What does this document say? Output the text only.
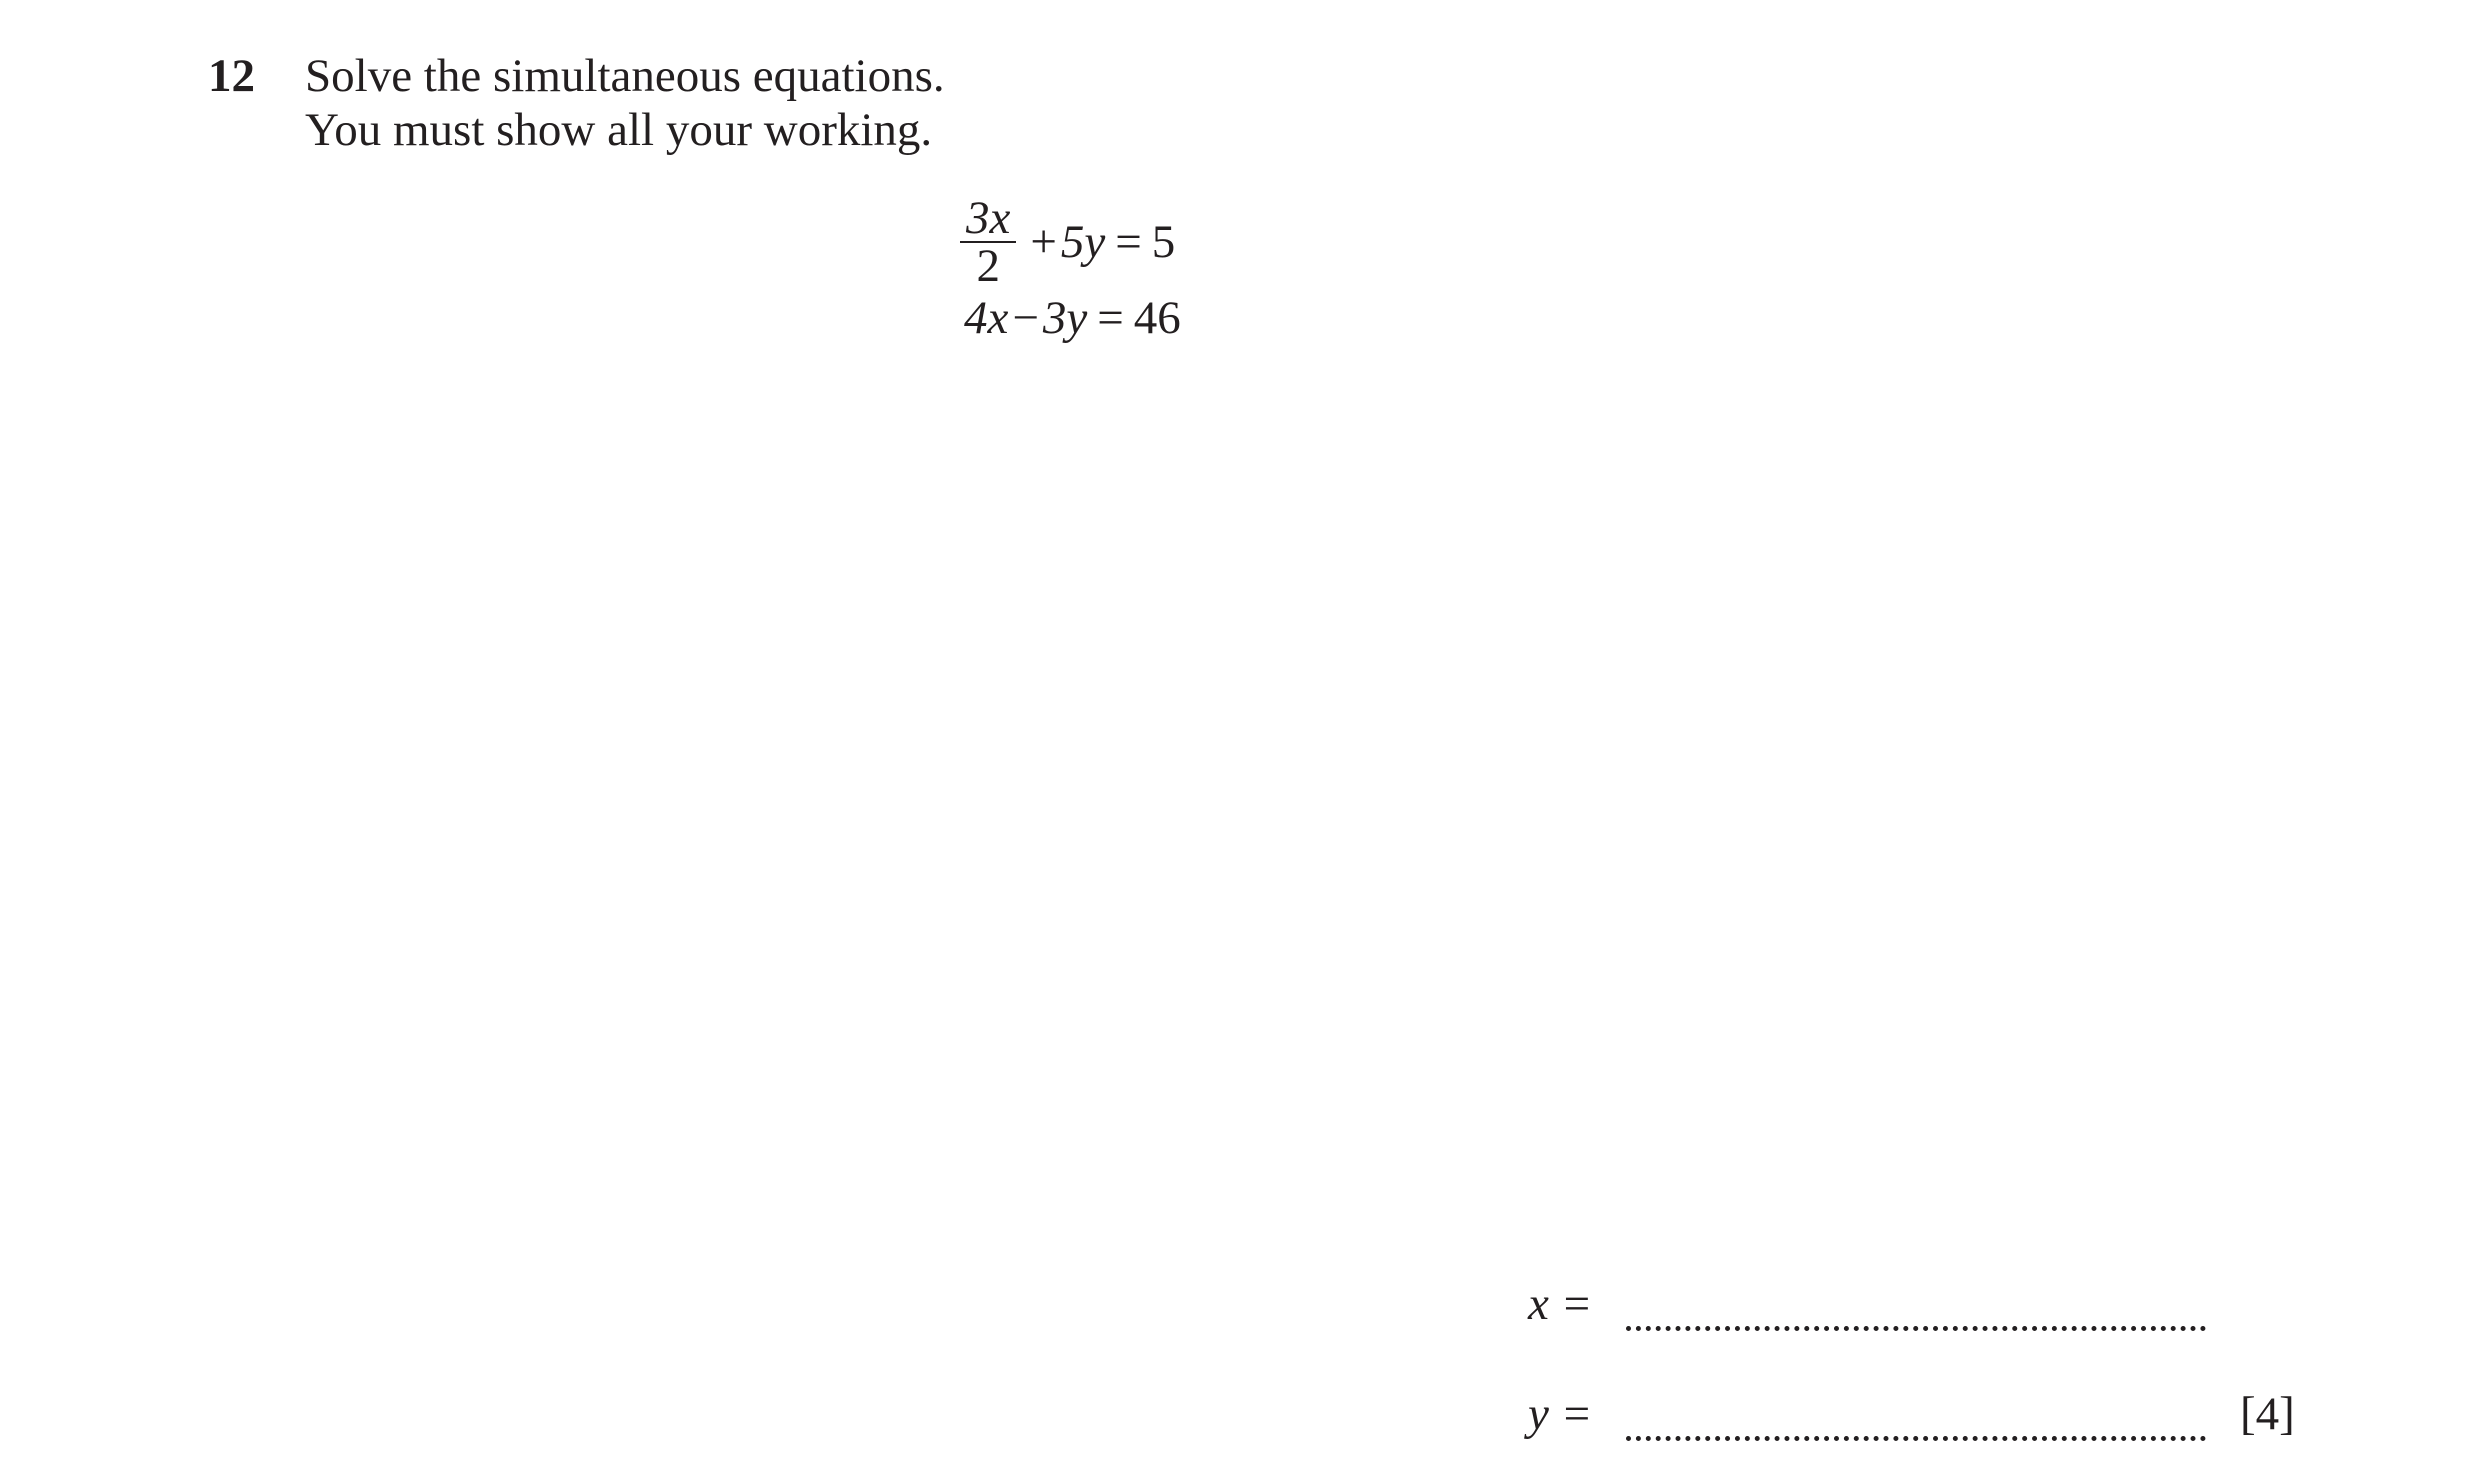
12 Solve the simultaneous equations.
You must show all your working.
$\frac{3x}{2} + 5y = 5$
4x−3y = 46
x =
y =	[4]
